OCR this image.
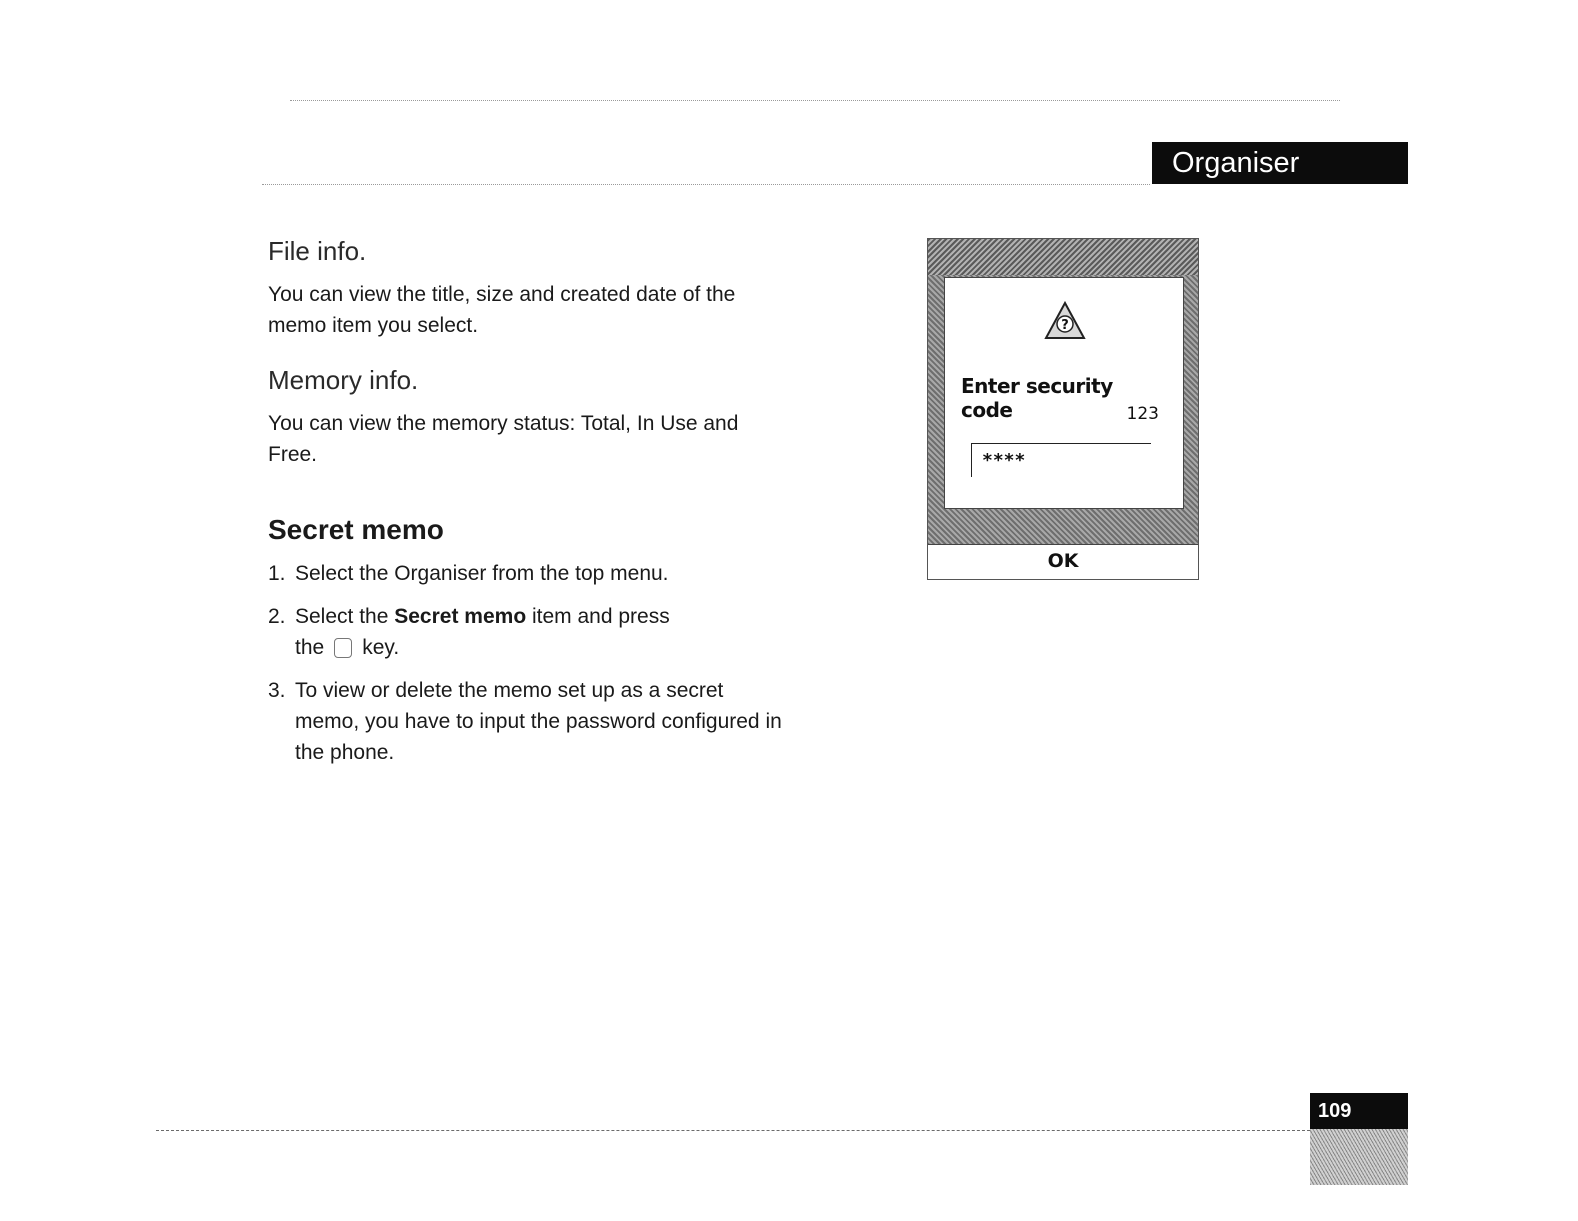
Organiser
File info.

You can view the title, size and created date of the memo item you select.

Memory info.

You can view the memory status: Total, In Use and Free.

Secret memo
1. Select the Organiser from the top menu.
2. Select the Secret memo item and press
the key.
3. To view or delete the memo set up as a secret memo, you have to input the password configured in the phone.
?
Enter security code	123
****
OK
109
